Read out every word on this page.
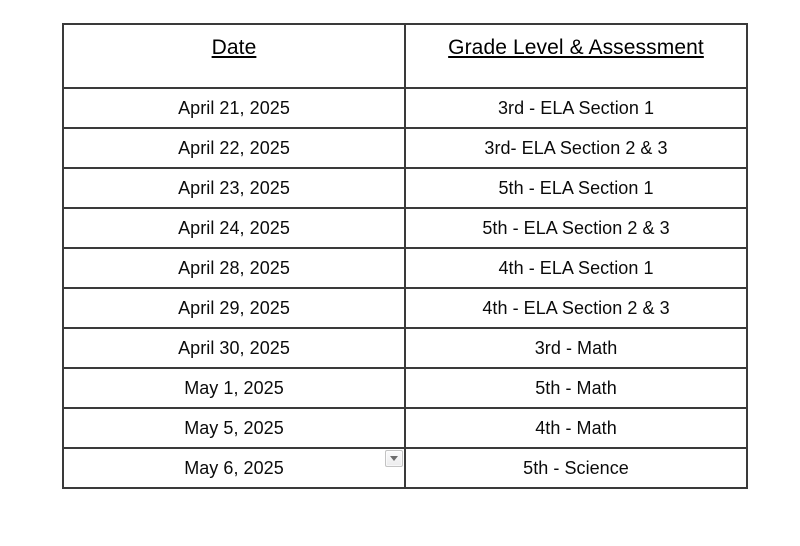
Date	Grade Level & Assessment

April 21, 2025	3rd - ELA Section 1

April 22, 2025	3rd- ELA Section 2 & 3

April 23, 2025	5th - ELA Section 1

April 24, 2025	5th - ELA Section 2 & 3

April 28, 2025	4th - ELA Section 1

April 29, 2025	4th - ELA Section 2 & 3

April 30, 2025	3rd - Math

May 1, 2025	5th - Math

May 5, 2025	4th - Math

May 6, 2025	5th - Science
